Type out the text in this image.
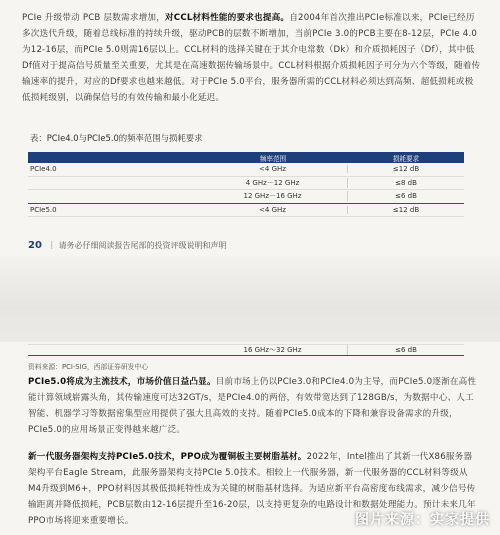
PCIe 升级带动 PCB 层数需求增加，对CCL材料性能的要求也提高。自2004年首次推出PCIe标准以来，PCIe已经历多次迭代升级，随着总线标准的持续升级，驱动PCB的层数不断增加，当前PCIe 3.0的PCB主要在8-12层，PCIe 4.0为12-16层，而PCIe 5.0则需16层以上。CCL材料的选择关键在于其介电常数（Dk）和介质损耗因子（Df），其中低Df值对于提高信号质量至关重要，尤其是在高速数据传输场景中。CCL材料根据介质损耗因子可分为六个等级，随着传输速率的提升，对应的Df要求也越来越低。对于PCIe 5.0平台，服务器所需的CCL材料必须达到高频、超低损耗或极低损耗级别，以确保信号的有效传输和最小化延迟。

表：PCIe4.0与PCIe5.0的频率范围与损耗要求
频率范围	损耗要求
PCIe4.0	<4 GHz	≤12 dB
4 GHz－12 GHz	≤8 dB
12 GHz－16 GHz	≤6 dB
PCIe5.0	<4 GHz	≤12 dB
20 ｜ 请务必仔细阅读报告尾部的投资评级说明和声明
16 GHz～32 GHz	≤6 dB
资料来源：PCI-SIG，西部证券研发中心

PCIe5.0将成为主流技术，市场价值日益凸显。目前市场上仍以PCIe3.0和PCIe4.0为主导，而PCIe5.0逐渐在高性能计算领域崭露头角，其传输速度可达32GT/s，是PCIe4.0的两倍，有效带宽达到了128GB/s，为数据中心、人工智能、机器学习等数据密集型应用提供了强大且高效的支持。随着PCIe5.0成本的下降和兼容设备需求的升级，PCIe5.0的应用场景正变得越来越广泛。

新一代服务器架构支持PCIe5.0技术，PPO成为覆铜板主要树脂基材。2022年，Intel推出了其新一代X86服务器架构平台Eagle Stream，此服务器架构支持PCIe 5.0技术。相较上一代服务器，新一代服务器的CCL材料等级从M4升级到M6+，PPO材料因其极低损耗特性成为关键的树脂基材选择。为适应新平台高密度布线需求，减少信号传输距离并降低损耗，PCB层数由12-16层提升至16-20层，以支持更复杂的电路设计和数据处理能力。预计未来几年PPO市场将迎来重要增长。	图片来源：实家提供
